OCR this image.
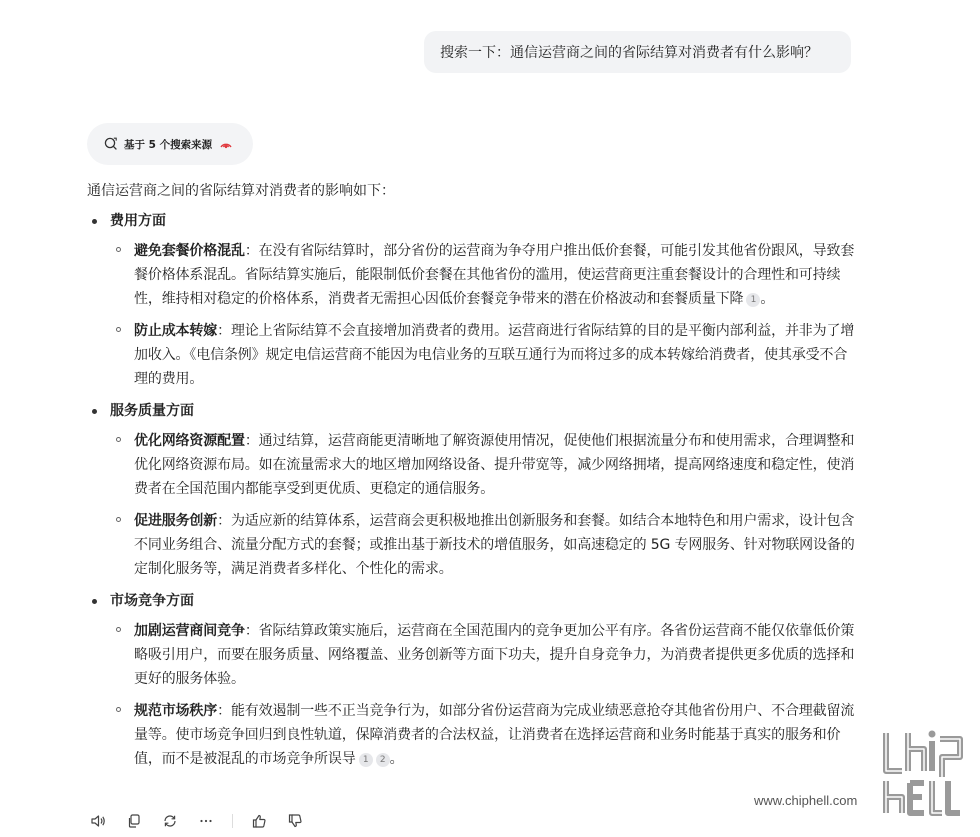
搜索一下：通信运营商之间的省际结算对消费者有什么影响？
基于 5 个搜索来源

通信运营商之间的省际结算对消费者的影响如下：

费用方面
避免套餐价格混乱：在没有省际结算时，部分省份的运营商为争夺用户推出低价套餐，可能引发其他省份跟风，导致套餐价格体系混乱。省际结算实施后，能限制低价套餐在其他省份的滥用，使运营商更注重套餐设计的合理性和可持续性，维持相对稳定的价格体系，消费者无需担心因低价套餐竞争带来的潜在价格波动和套餐质量下降 1 。
防止成本转嫁：理论上省际结算不会直接增加消费者的费用。运营商进行省际结算的目的是平衡内部利益，并非为了增加收入。《电信条例》规定电信运营商不能因为电信业务的互联互通行为而将过多的成本转嫁给消费者，使其承受不合理的费用。
服务质量方面
优化网络资源配置：通过结算，运营商能更清晰地了解资源使用情况，促使他们根据流量分布和使用需求，合理调整和优化网络资源布局。如在流量需求大的地区增加网络设备、提升带宽等，减少网络拥堵，提高网络速度和稳定性，使消费者在全国范围内都能享受到更优质、更稳定的通信服务。
促进服务创新：为适应新的结算体系，运营商会更积极地推出创新服务和套餐。如结合本地特色和用户需求，设计包含不同业务组合、流量分配方式的套餐；或推出基于新技术的增值服务，如高速稳定的 5G 专网服务、针对物联网设备的定制化服务等，满足消费者多样化、个性化的需求。
市场竞争方面
加剧运营商间竞争：省际结算政策实施后，运营商在全国范围内的竞争更加公平有序。各省份运营商不能仅依靠低价策略吸引用户，而要在服务质量、网络覆盖、业务创新等方面下功夫，提升自身竞争力，为消费者提供更多优质的选择和更好的服务体验。
规范市场秩序：能有效遏制一些不正当竞争行为，如部分省份运营商为完成业绩恶意抢夺其他省份用户、不合理截留流量等。使市场竞争回归到良性轨道，保障消费者的合法权益，让消费者在选择运营商和业务时能基于真实的服务和价值，而不是被混乱的市场竞争所误导 1 2 。
www.chiphell.com
